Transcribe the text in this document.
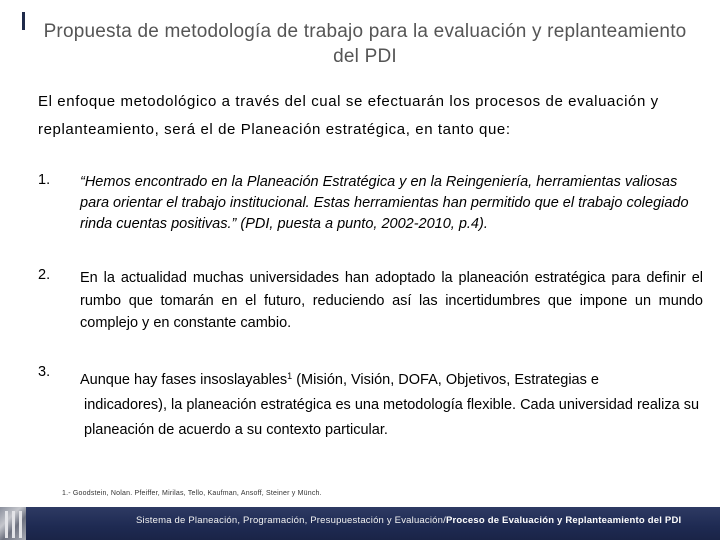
Propuesta de metodología de trabajo para la evaluación y replanteamiento del PDI
El enfoque metodológico a través del cual se efectuarán los procesos de evaluación y replanteamiento, será el de Planeación estratégica, en tanto que:
1. “Hemos encontrado en la Planeación Estratégica y en la Reingeniería, herramientas valiosas para orientar el trabajo institucional. Estas herramientas han permitido que el trabajo colegiado rinda cuentas positivas.” (PDI, puesta a punto, 2002-2010, p.4).
2. En la actualidad muchas universidades han adoptado la planeación estratégica para definir el rumbo que tomarán en el futuro, reduciendo así las incertidumbres que impone un mundo complejo y en constante cambio.
3. Aunque hay fases insoslayables$^1$ (Misión, Visión, DOFA, Objetivos, Estrategias e
indicadores), la planeación estratégica es una metodología flexible. Cada universidad realiza su planeación de acuerdo a su contexto particular.
1.- Goodstein, Nolan. Pfeiffer, Mirilas, Tello, Kaufman, Ansoff, Steiner y Münch.
Sistema de Planeación, Programación, Presupuestación y Evaluación/Proceso de Evaluación y Replanteamiento del PDI
